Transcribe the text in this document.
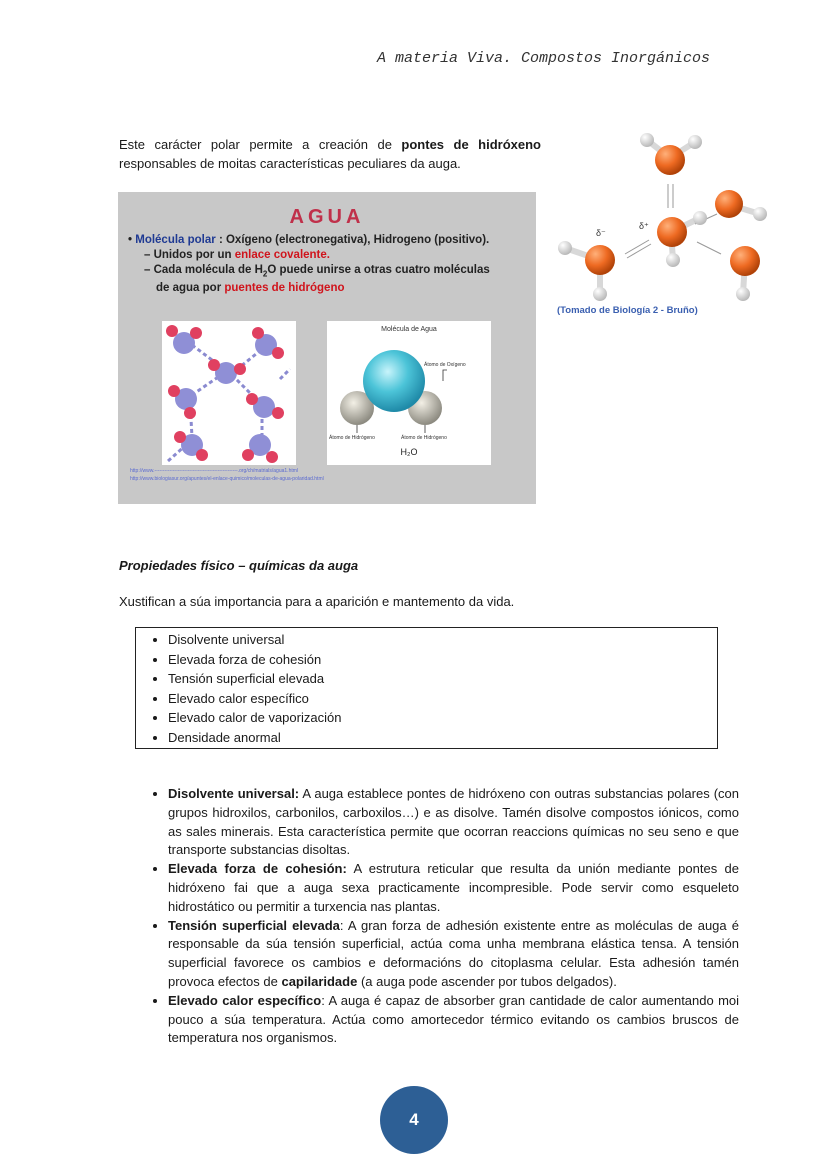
A materia Viva. Compostos Inorgánicos

Este carácter polar permite a creación de pontes de hidróxeno responsables de moitas características peculiares da auga.

AGUA
• Molécula polar : Oxígeno (electronegativa), Hidrogeno (positivo).
– Unidos por un enlace covalente.
– Cada molécula de $H_2O$ puede unirse a otras cuatro moléculas
de agua por puentes de hidrógeno
Molécula de Agua
Átomo de Oxígeno
Átomo de Hidrógeno	Átomo de Hidrógeno
H₂O
http://www.--------------------------------------------------.org/ch/matrials/agua1.html
http://www.biologiasur.org/apuntes/el-enlace-quimico/moleculas-de-agua-polaridad.html
δ⁻
δ⁺
(Tomado de Biología 2 - Bruño)
Propiedades físico – químicas da auga
Xustifican a súa importancia para a aparición e mantemento da vida.
• Disolvente universal
• Elevada forza de cohesión
• Tensión superficial elevada
• Elevado calor específico
• Elevado calor de vaporización
• Densidade anormal
• Disolvente universal: A auga establece pontes de hidróxeno con outras substancias polares (con grupos hidroxilos, carbonilos, carboxilos…) e as disolve. Tamén disolve compostos iónicos, como as sales minerais. Esta característica permite que ocorran reaccions químicas no seu seno e que transporte substancias disoltas.
• Elevada forza de cohesión: A estrutura reticular que resulta da unión mediante pontes de hidróxeno fai que a auga sexa practicamente incompresible. Pode servir como esqueleto hidrostático ou permitir a turxencia nas plantas.
• Tensión superficial elevada: A gran forza de adhesión existente entre as moléculas de auga é responsable da súa tensión superficial, actúa coma unha membrana elástica tensa. A tensión superficial favorece os cambios e deformacións do citoplasma celular. Esta adhesión tamén provoca efectos de capilaridade (a auga pode ascender por tubos delgados).
• Elevado calor específico: A auga é capaz de absorber gran cantidade de calor aumentando moi pouco a súa temperatura. Actúa como amortecedor térmico evitando os cambios bruscos de temperatura nos organismos.
4
